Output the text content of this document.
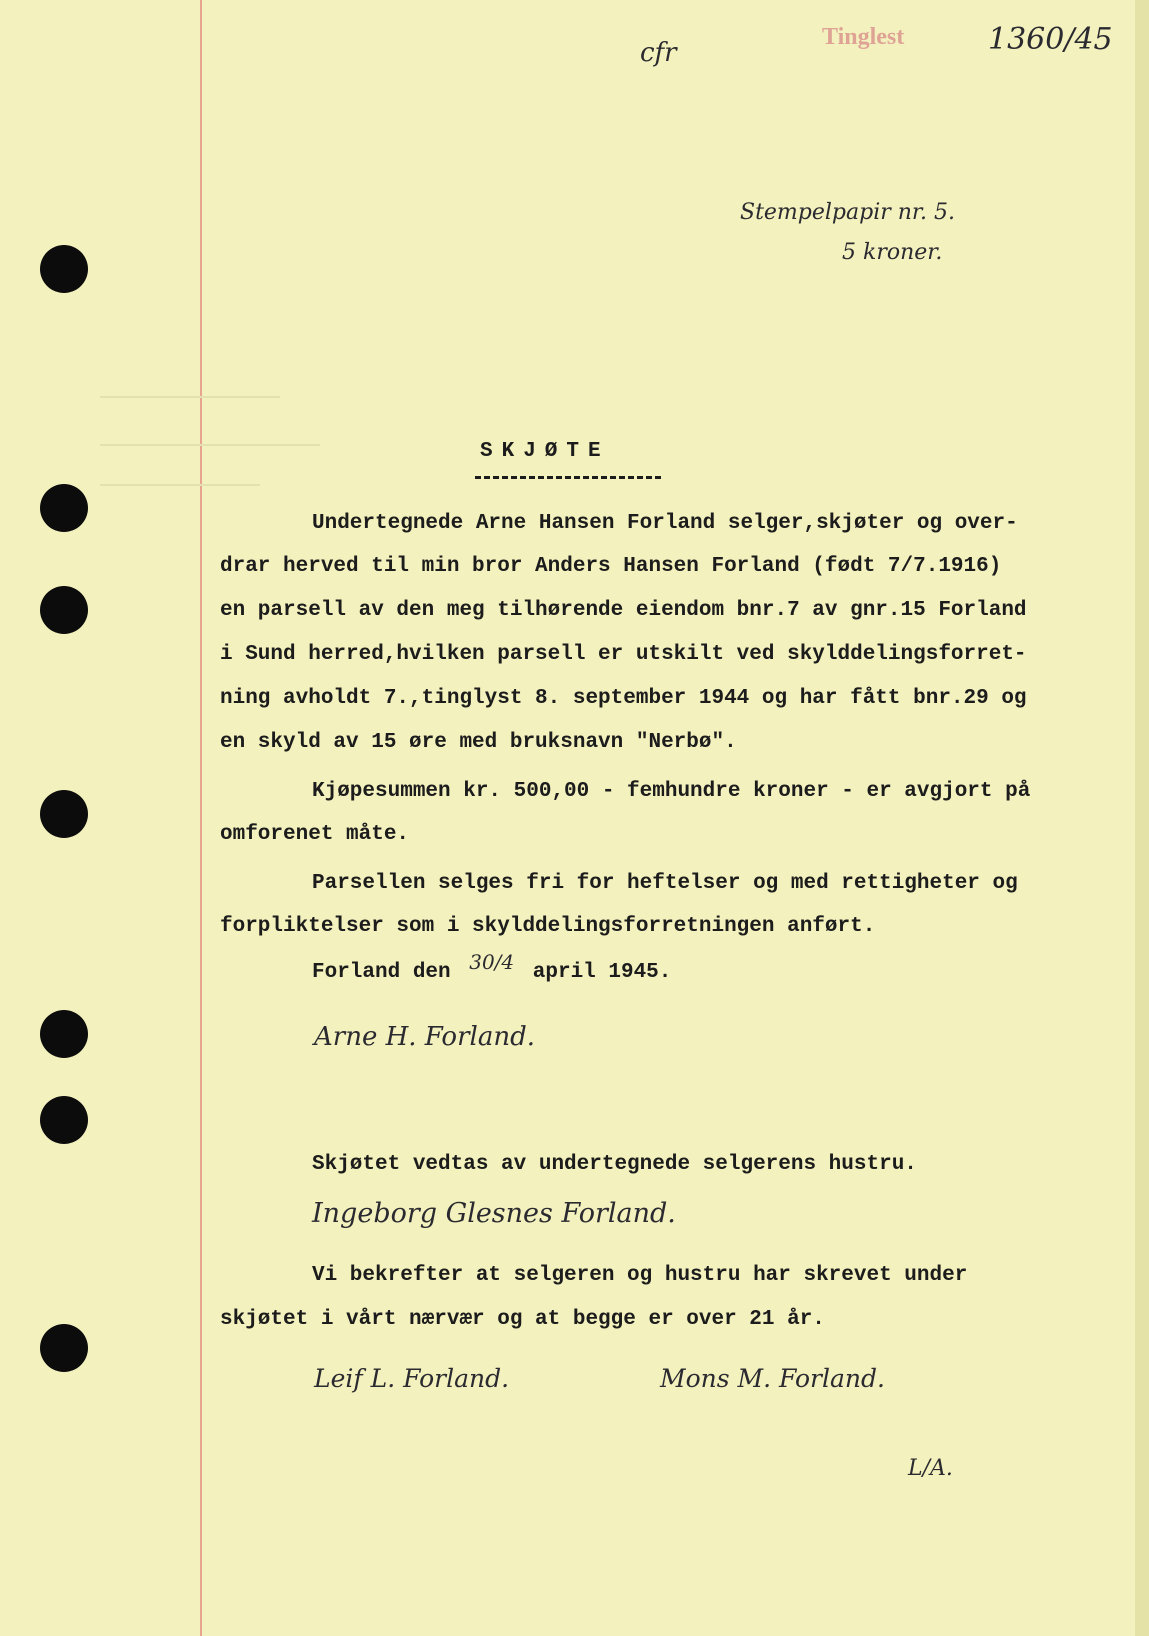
Tinglest	1360/45
cfr
Stempelpapir nr. 5.
5 kroner.
SKJØTE
Undertegnede Arne Hansen Forland selger,skjøter og over-
drar herved til min bror Anders Hansen Forland (født 7/7.1916)
en parsell av den meg tilhørende eiendom bnr.7 av gnr.15 Forland
i Sund herred,hvilken parsell er utskilt ved skylddelingsforret-
ning avholdt 7.,tinglyst 8. september 1944 og har fått bnr.29 og
en skyld av 15 øre med bruksnavn "Nerbø".
Kjøpesummen kr. 500,00 - femhundre kroner - er avgjort på
omforenet måte.
Parsellen selges fri for heftelser og med rettigheter og
forpliktelser som i skylddelingsforretningen anført.
Forland den 30/4 april 1945.
Arne H. Forland.
Skjøtet vedtas av undertegnede selgerens hustru.
Ingeborg Glesnes Forland.
Vi bekrefter at selgeren og hustru har skrevet under
skjøtet i vårt nærvær og at begge er over 21 år.
Leif L. Forland.	Mons M. Forland.
L/A.
